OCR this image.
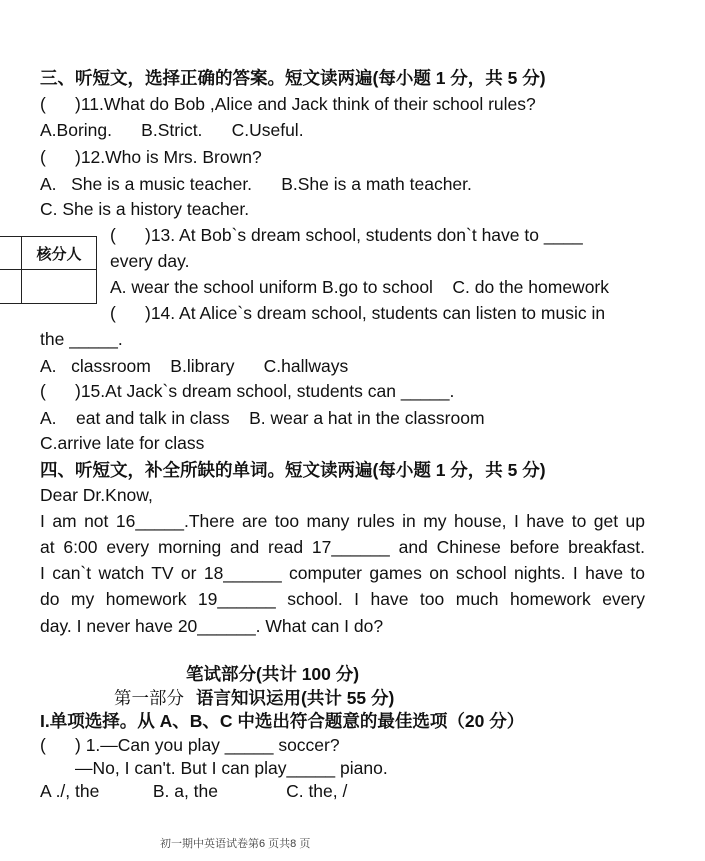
三、听短文，选择正确的答案。短文读两遍(每小题 1 分，共 5 分)
(      )11.What do Bob ,Alice and Jack think of their school rules?
A.Boring.      B.Strict.      C.Useful.
(      )12.Who is Mrs. Brown?
A.   She is a music teacher.      B.She is a math teacher.
C. She is a history teacher.
核分人
(      )13. At Bob`s dream school, students don`t have to ____
every day.
A. wear the school uniform B.go to school    C. do the homework
(      )14. At Alice`s dream school, students can listen to music in
the _____.
A.   classroom    B.library      C.hallways
(      )15.At Jack`s dream school, students can _____.
A.    eat and talk in class    B. wear a hat in the classroom
C.arrive late for class
四、听短文，补全所缺的单词。短文读两遍(每小题 1 分，共 5 分)
Dear Dr.Know,
I am not 16_____.There are too many rules in my house, I have to get up
at 6:00 every morning and read 17______ and Chinese before breakfast.
I can`t watch TV or 18______ computer games on school nights. I have to
do my homework 19______ school. I have too much homework every
day. I never have 20______. What can I do?
笔试部分(共计 100 分)
第一部分 语言知识运用(共计 55 分)
I.单项选择。从 A、B、C 中选出符合题意的最佳选项（20 分）
(      ) 1.—Can you play _____ soccer?
—No, I can't. But I can play_____ piano.
A ./, the           B. a, the              C. the, /
初一期中英语试卷第6 页共8 页
